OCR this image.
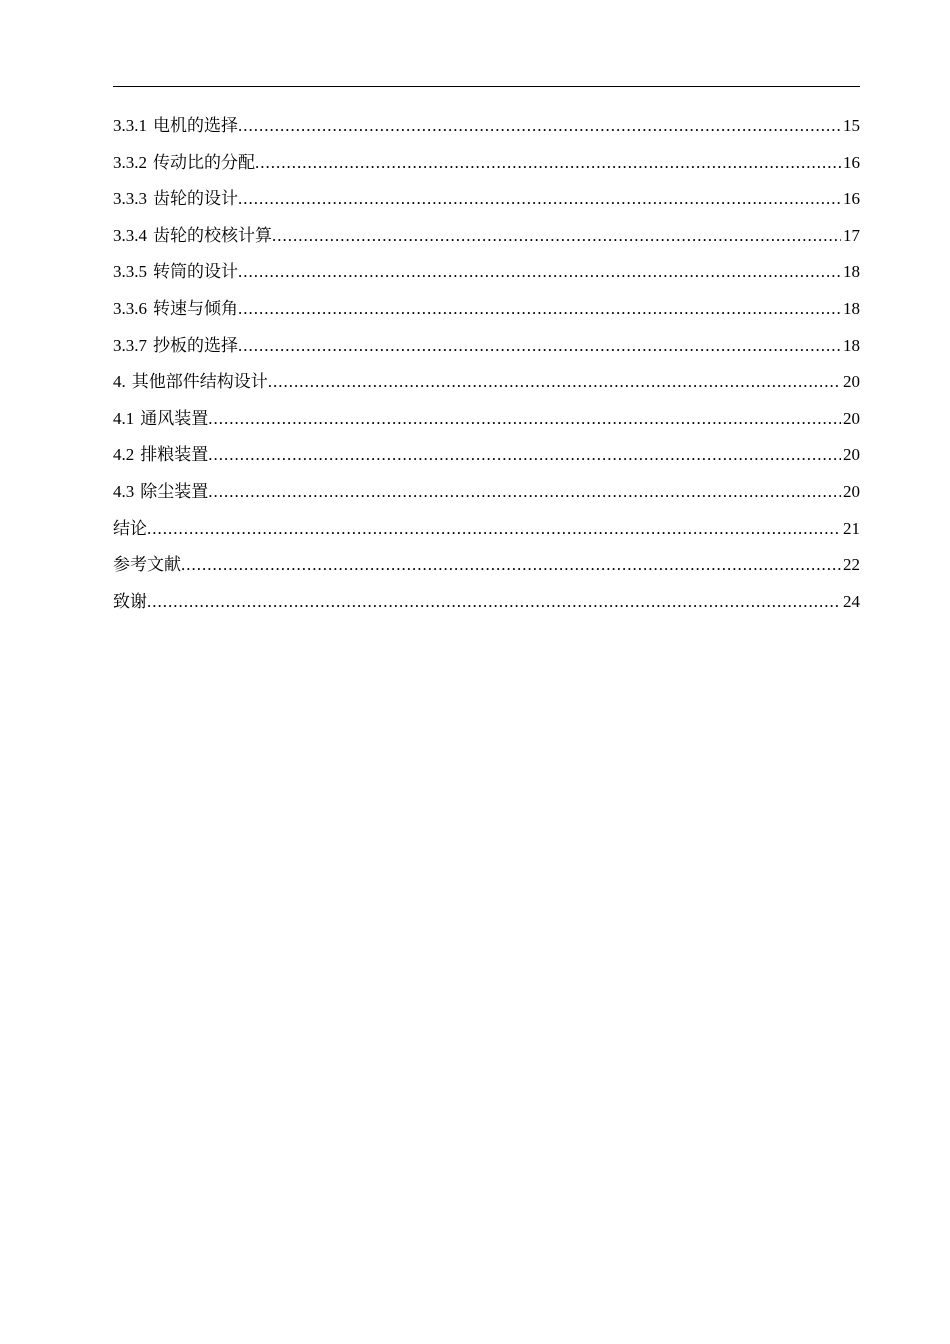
3.3.1 电机的选择 .....	15
3.3.2 传动比的分配 .....	16
3.3.3 齿轮的设计 .....	16
3.3.4 齿轮的校核计算 .....	17
3.3.5 转筒的设计 .....	18
3.3.6 转速与倾角 .....	18
3.3.7 抄板的选择 .....	18
4. 其他部件结构设计 .....	20
4.1 通风装置 .....	20
4.2 排粮装置 .....	20
4.3 除尘装置 .....	20
结论 .....	21
参考文献 .....	22
致谢 .....	24
